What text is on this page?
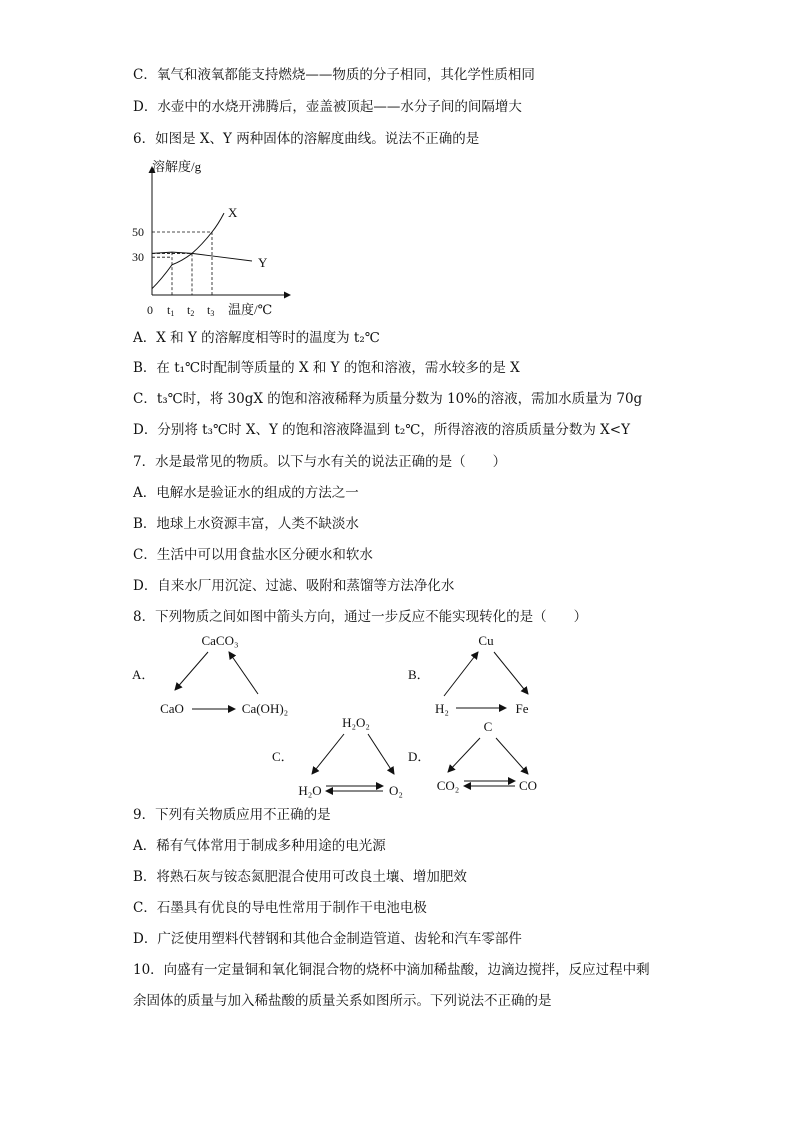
C．氧气和液氧都能支持燃烧——物质的分子相同，其化学性质相同
D．水壶中的水烧开沸腾后，壶盖被顶起——水分子间的间隔增大
6．如图是 X、Y 两种固体的溶解度曲线。说法不正确的是
30
50
t1 t2 t3
X
Y
溶解度/g
温度/℃
0
A．X 和 Y 的溶解度相等时的温度为 t₂℃
B．在 t₁℃时配制等质量的 X 和 Y 的饱和溶液，需水较多的是 X
C．t₃℃时，将 30gX 的饱和溶液稀释为质量分数为 10%的溶液，需加水质量为 70g
D．分别将 t₃℃时 X、Y 的饱和溶液降温到 t₂℃，所得溶液的溶质质量分数为 X<Y
7．水是最常见的物质。以下与水有关的说法正确的是（　　）
A．电解水是验证水的组成的方法之一
B．地球上水资源丰富，人类不缺淡水
C．生活中可以用食盐水区分硬水和软水
D．自来水厂用沉淀、过滤、吸附和蒸馏等方法净化水
8．下列物质之间如图中箭头方向，通过一步反应不能实现转化的是（　　）
A．
CaCO₃
CaO	Ca(OH)₂
B．
Cu
H₂	Fe
C．
H₂O₂
H₂O	O₂
D．
C
CO₂	CO
9．下列有关物质应用不正确的是
A．稀有气体常用于制成多种用途的电光源
B．将熟石灰与铵态氮肥混合使用可改良土壤、增加肥效
C．石墨具有优良的导电性常用于制作干电池电极
D．广泛使用塑料代替钢和其他合金制造管道、齿轮和汽车零部件
10．向盛有一定量铜和氧化铜混合物的烧杯中滴加稀盐酸，边滴边搅拌，反应过程中剩
余固体的质量与加入稀盐酸的质量关系如图所示。下列说法不正确的是
